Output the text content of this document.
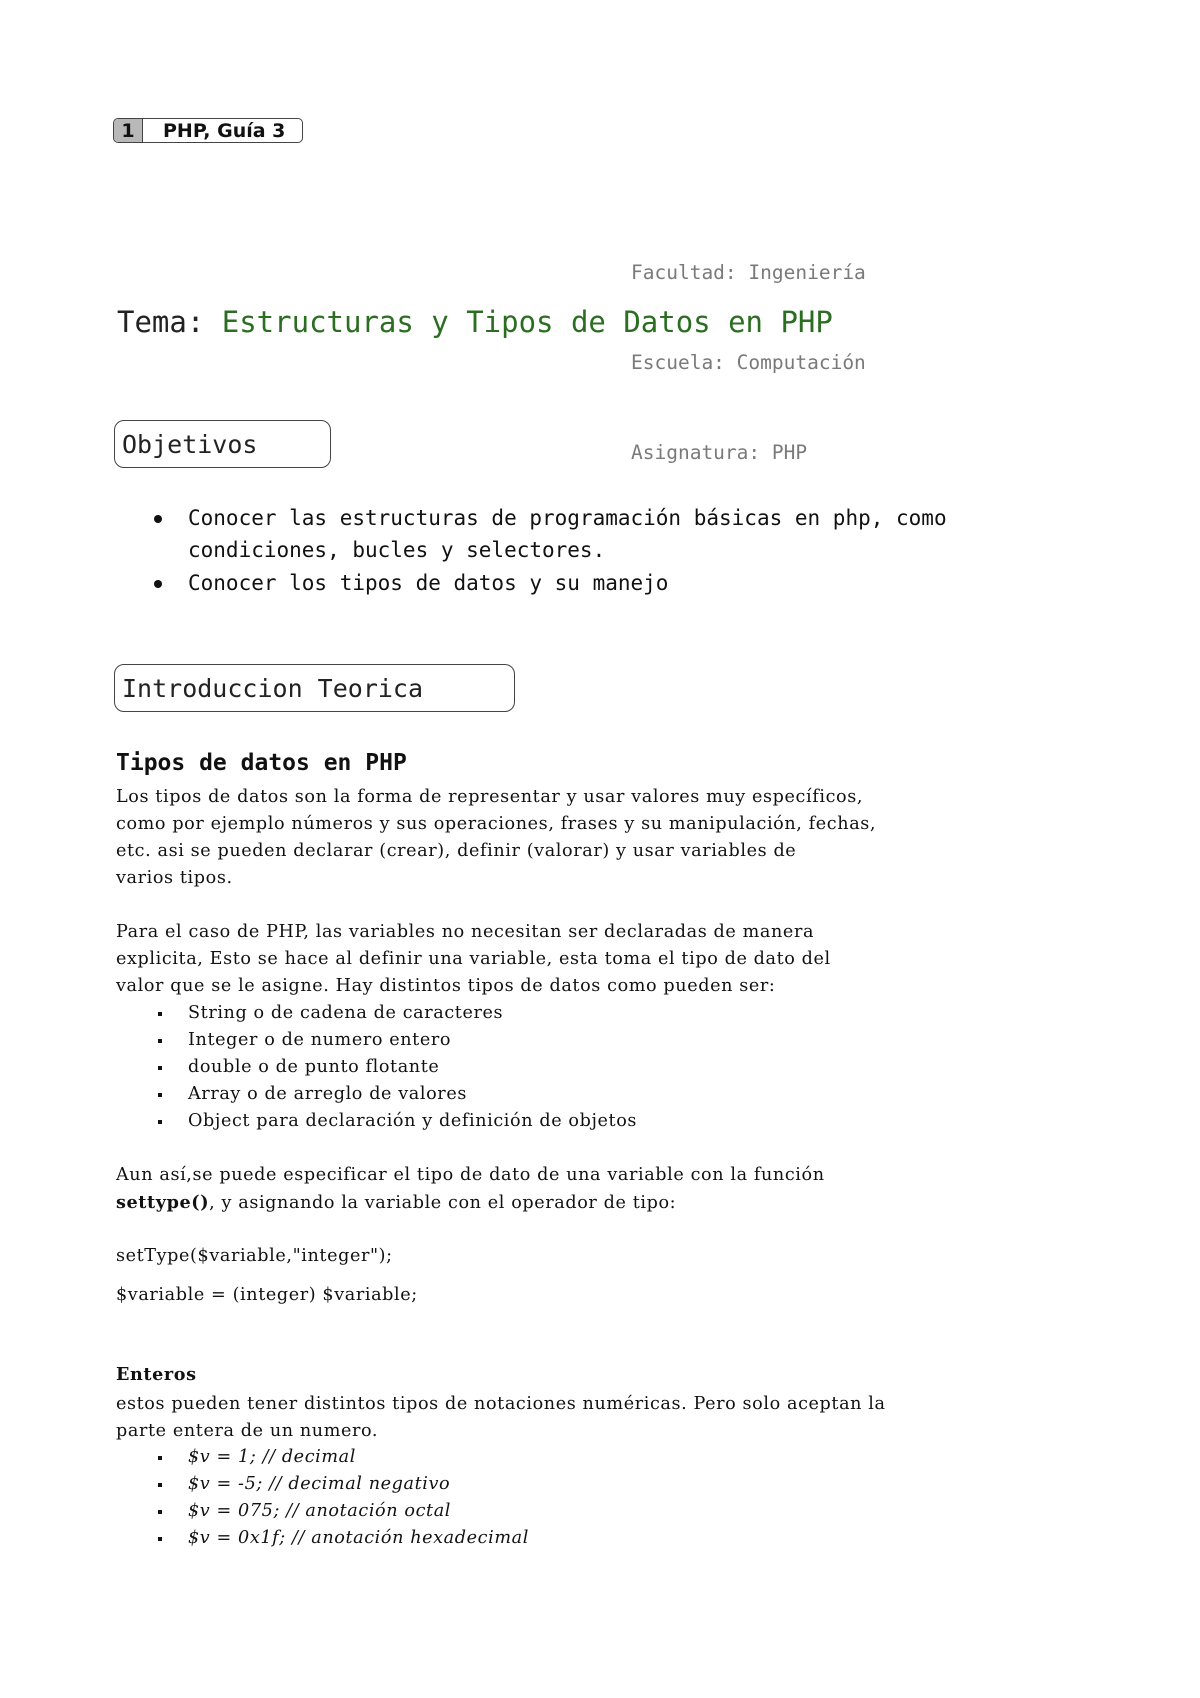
1	PHP, Guía 3

Facultad: Ingeniería

Escuela: Computación

Asignatura: PHP

Tema: Estructuras y Tipos de Datos en PHP
Objetivos
Conocer las estructuras de programación básicas en php, como condiciones, bucles y selectores.
Conocer los tipos de datos y su manejo
Introduccion Teorica
Tipos de datos en PHP
Los tipos de datos son la forma de representar y usar valores muy específicos,
como por ejemplo números y sus operaciones, frases y su manipulación, fechas,
etc. asi se pueden declarar (crear), definir (valorar) y usar variables de
varios tipos.
Para el caso de PHP, las variables no necesitan ser declaradas de manera
explicita, Esto se hace al definir una variable, esta toma el tipo de dato del
valor que se le asigne. Hay distintos tipos de datos como pueden ser:
String o de cadena de caracteres
Integer o de numero entero
double o de punto flotante
Array o de arreglo de valores
Object para declaración y definición de objetos
Aun así,se puede especificar el tipo de dato de una variable con la función
settype(), y asignando la variable con el operador de tipo:
setType($variable,"integer");
$variable = (integer) $variable;
Enteros
estos pueden tener distintos tipos de notaciones numéricas. Pero solo aceptan la
parte entera de un numero.
$v = 1; // decimal
$v = -5; // decimal negativo
$v = 075; // anotación octal
$v = 0x1f; // anotación hexadecimal
